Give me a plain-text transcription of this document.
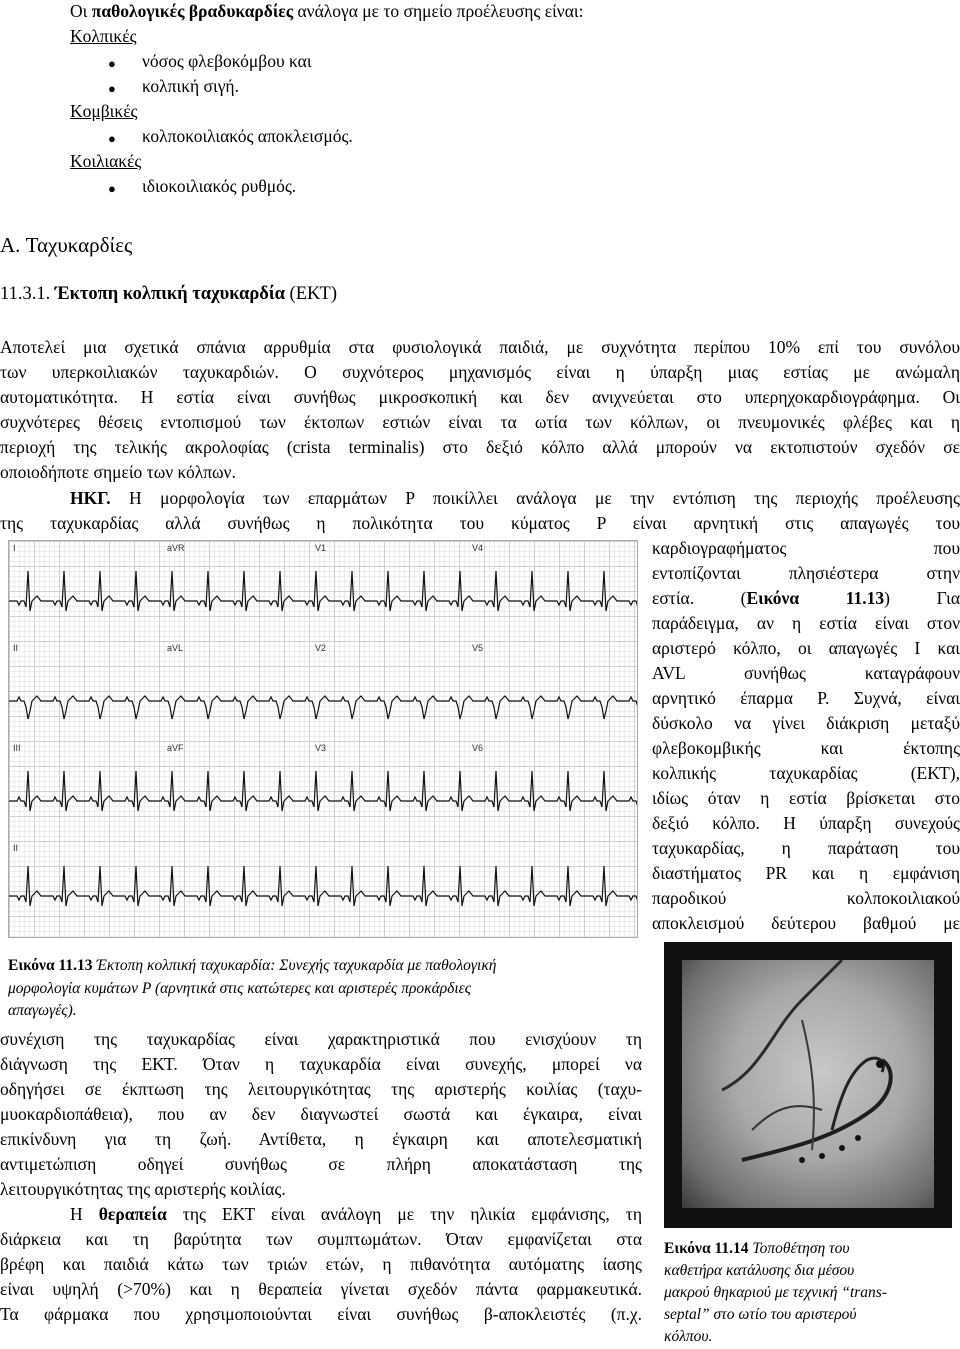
Οι παθολογικές βραδυκαρδίες ανάλογα με το σημείο προέλευσης είναι:
Κολπικές
● νόσος φλεβοκόμβου και
● κολπική σιγή.
Κομβικές
● κολποκοιλιακός αποκλεισμός.
Κοιλιακές
● ιδιοκοιλιακός ρυθμός.
A. Ταχυκαρδίες
11.3.1. Έκτοπη κολπική ταχυκαρδία (ΕΚΤ)
Αποτελεί μια σχετικά σπάνια αρρυθμία στα φυσιολογικά παιδιά, με συχνότητα περίπου 10% επί του συνόλου
των υπερκοιλιακών ταχυκαρδιών. Ο συχνότερος μηχανισμός είναι η ύπαρξη μιας εστίας με ανώμαλη
αυτοματικότητα. Η εστία είναι συνήθως μικροσκοπική και δεν ανιχνεύεται στο υπερηχοκαρδιογράφημα. Οι
συχνότερες θέσεις εντοπισμού των έκτοπων εστιών είναι τα ωτία των κόλπων, οι πνευμονικές φλέβες και η
περιοχή της τελικής ακρολοφίας (crista terminalis) στο δεξιό κόλπο αλλά μπορούν να εκτοπιστούν σχεδόν σε
οποιοδήποτε σημείο των κόλπων.
ΗΚΓ. Η μορφολογία των επαρμάτων P ποικίλλει ανάλογα με την εντόπιση της περιοχής προέλευσης
της ταχυκαρδίας αλλά συνήθως η πολικότητα του κύματος P είναι αρνητική στις απαγωγές του
καρδιογραφήματος που
εντοπίζονται πλησιέστερα στην
εστία. (Εικόνα 11.13) Για
παράδειγμα, αν η εστία είναι στον
αριστερό κόλπο, οι απαγωγές I και
AVL συνήθως καταγράφουν
αρνητικό έπαρμα P. Συχνά, είναι
δύσκολο να γίνει διάκριση μεταξύ
φλεβοκομβικής και έκτοπης
κολπικής ταχυκαρδίας (ΕΚΤ),
ιδίως όταν η εστία βρίσκεται στο
δεξιό κόλπο. Η ύπαρξη συνεχούς
ταχυκαρδίας, η παράταση του
διαστήματος PR και η εμφάνιση
παροδικού κολποκοιλιακού
αποκλεισμού δεύτερου βαθμού με
I	aVR	V1	V4
II	aVL	V2	V5
III	aVF	V3	V6
II
Εικόνα 11.13 Έκτοπη κολπική ταχυκαρδία: Συνεχής ταχυκαρδία με παθολογική
μορφολογία κυμάτων P (αρνητικά στις κατώτερες και αριστερές προκάρδιες
απαγωγές).
συνέχιση της ταχυκαρδίας είναι χαρακτηριστικά που ενισχύουν τη
διάγνωση της ΕΚΤ. Όταν η ταχυκαρδία είναι συνεχής, μπορεί να
οδηγήσει σε έκπτωση της λειτουργικότητας της αριστερής κοιλίας (ταχυ-
μυοκαρδιοπάθεια), που αν δεν διαγνωστεί σωστά και έγκαιρα, είναι
επικίνδυνη για τη ζωή. Αντίθετα, η έγκαιρη και αποτελεσματική
αντιμετώπιση οδηγεί συνήθως σε πλήρη αποκατάσταση της
λειτουργικότητας της αριστερής κοιλίας.
Η θεραπεία της ΕΚΤ είναι ανάλογη με την ηλικία εμφάνισης, τη
διάρκεια και τη βαρύτητα των συμπτωμάτων. Όταν εμφανίζεται στα
βρέφη και παιδιά κάτω των τριών ετών, η πιθανότητα αυτόματης ίασης
είναι υψηλή (>70%) και η θεραπεία γίνεται σχεδόν πάντα φαρμακευτικά.
Τα φάρμακα που χρησιμοποιούνται είναι συνήθως β-αποκλειστές (π.χ.
Εικόνα 11.14 Τοποθέτηση του
καθετήρα κατάλυσης δια μέσου
μακρού θηκαριού με τεχνική “trans-
septal” στο ωτίο του αριστερού
κόλπου.
